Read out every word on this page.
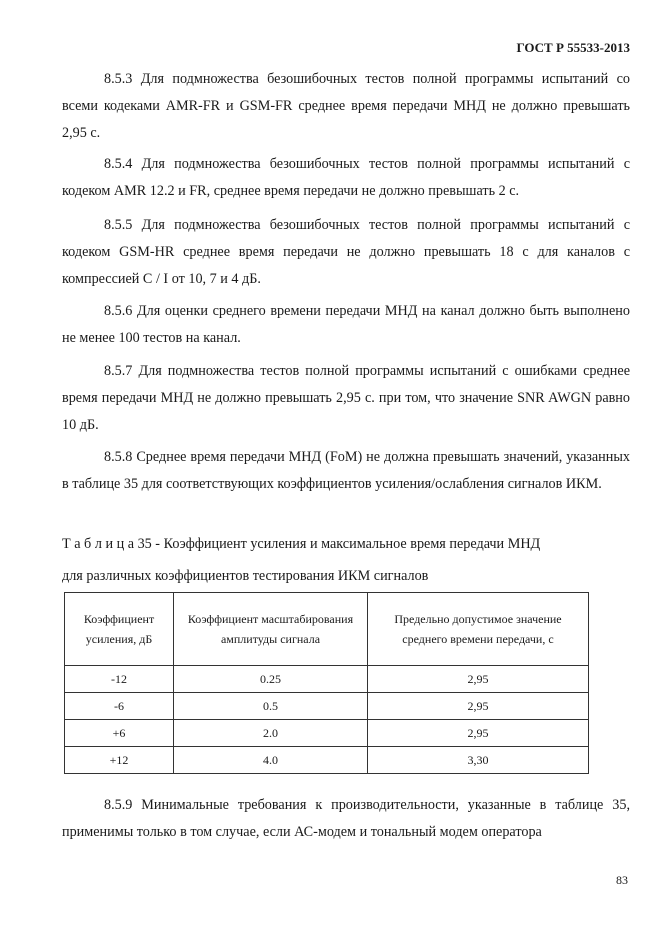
ГОСТ Р 55533-2013

8.5.3 Для подмножества безошибочных тестов полной программы испытаний со всеми кодеками AMR-FR и GSM-FR среднее время передачи МНД не должно превышать 2,95 с.

8.5.4 Для подмножества безошибочных тестов полной программы испытаний с кодеком AMR 12.2 и FR, среднее время передачи не должно превышать 2 с.

8.5.5 Для подмножества безошибочных тестов полной программы испытаний с кодеком GSM-HR среднее время передачи не должно превышать 18 с для каналов с компрессией C / I от 10, 7 и 4 дБ.

8.5.6 Для оценки среднего времени передачи МНД на канал должно быть выполнено не менее 100 тестов на канал.

8.5.7 Для подмножества тестов полной программы испытаний с ошибками среднее время передачи МНД не должно превышать 2,95 с. при том, что значение SNR AWGN равно 10 дБ.

8.5.8 Среднее время передачи МНД (FoM) не должна превышать значений, указанных в таблице 35 для соответствующих коэффициентов усиления/ослабления сигналов ИКМ.

Т а б л и ц а 35 - Коэффициент усиления и максимальное время передачи МНД

для различных коэффициентов тестирования ИКМ сигналов

Коэффициент усиления, дБ	Коэффициент масштабирования амплитуды сигнала	Предельно допустимое значение среднего времени передачи, с
-12	0.25	2,95
-6	0.5	2,95
+6	2.0	2,95
+12	4.0	3,30

8.5.9 Минимальные требования к производительности, указанные в таблице 35, применимы только в том случае, если АС-модем и тональный модем оператора

83
